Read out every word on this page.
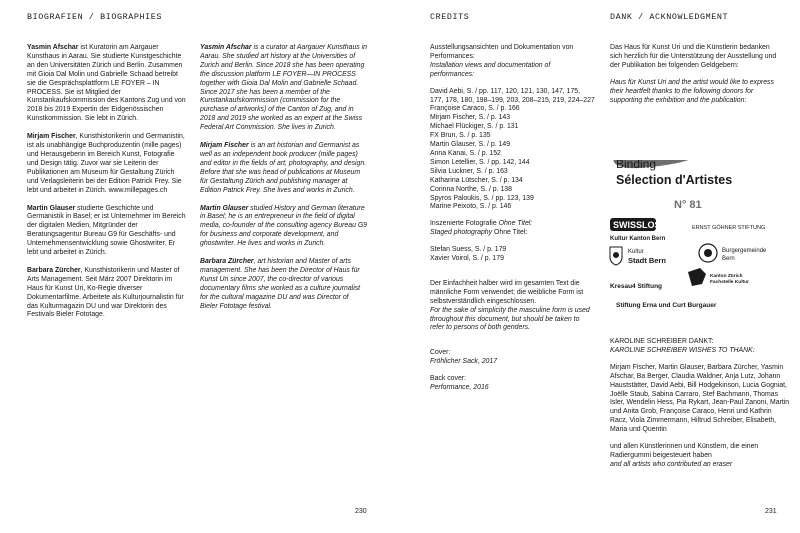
BIOGRAFIEN / BIOGRAPHIES

Yasmin Afschar ist Kuratorin am Aargauer Kunsthaus in Aarau. Sie studierte Kunstgeschichte an den Universitäten Zürich und Berlin. Zusammen mit Gioia Dal Molin und Gabrielle Schaad betreibt sie die Gesprächsplattform LE FOYER – IN PROCESS. Sie ist Mitglied der Kunstankaufskommission des Kantons Zug und von 2018 bis 2019 Expertin der Eidgenössischen Kunstkommission. Sie lebt in Zürich.

Mirjam Fischer, Kunsthistorikerin und Germanistin, ist als unabhängige Buchproduzentin (mille pages) und Herausgeberin im Bereich Kunst, Fotografie und Design tätig. Zuvor war sie Leiterin der Publikationen am Museum für Gestaltung Zürich und Verlagsleiterin bei der Edition Patrick Frey. Sie lebt und arbeitet in Zürich. www.millepages.ch

Martin Glauser studierte Geschichte und Germanistik in Basel; er ist Unternehmer im Bereich der digitalen Medien, Mitgründer der Beratungsagentur Bureau G9 für Geschäfts- und Unternehmensentwicklung sowie Ghostwriter. Er lebt und arbeitet in Zürich.

Barbara Zürcher, Kunsthistorikerin und Master of Arts Management. Seit März 2007 Direktorin im Haus für Kunst Uri, Ko-Regie diverser Dokumentarfilme. Arbeitete als Kulturjournalistin für das Kulturmagazin DU und war Direktorin des Festivals Bieler Fototage.

Yasmin Afschar is a curator at Aargauer Kunsthaus in Aarau. She studied art history at the Universities of Zurich and Berlin. Since 2018 she has been operating the discussion platform LE FOYER—IN PROCESS together with Gioia Dal Molin and Gabrielle Schaad. Since 2017 she has been a member of the Kunstankaufskommission (commission for the purchase of artworks) of the Canton of Zug, and in 2018 and 2019 she worked as an expert at the Swiss Federal Art Commission. She lives in Zurich.

Mirjam Fischer is an art historian and Germanist as well as an independent book producer (mille pages) and editor in the fields of art, photography, and design. Before that she was head of publications at Museum für Gestaltung Zürich and publishing manager at Edition Patrick Frey. She lives and works in Zurich.

Martin Glauser studied History and German literature in Basel; he is an entrepreneur in the field of digital media, co-founder of the consulting agency Bureau G9 for business and corporate development, and ghostwriter. He lives and works in Zurich.

Barbara Zürcher, art historian and Master of arts management. She has been the Director of Haus für Kunst Uri since 2007, the co-director of various documentary films she worked as a culture journalist for the cultural magazine DU and was Director of Bieler Fototage festival.

230
CREDITS
Ausstellungsansichten und Dokumentation von Performances:
Installation views and documentation of performances:
David Aebi, S. / pp. 117, 120, 121, 130, 147, 175,
177, 178, 180, 198–199, 203, 208–215, 219, 224–227
Françoise Caraco, S. / p. 166
Mirjam Fischer, S. / p. 143
Michael Flückiger, S. / p. 131
FX Brun, S. / p. 135
Martin Glauser, S. / p. 149
Anna Kanai, S. / p. 152
Simon Letellier, S. / pp. 142, 144
Silvia Luckner, S. / p. 163
Katharina Lütscher, S. / p. 134
Corinna Northe, S. / p. 138
Spyros Paloukis, S. / pp. 123, 139
Marine Peixoto, S. / p. 146
Inszenierte Fotografie Ohne Titel:
Staged photography Ohne Titel:
Stefan Suess, S. / p. 179
Xavier Voirol, S. / p. 179
Der Einfachheit halber wird im gesamten Text die männliche Form verwendet; die weibliche Form ist selbstverständlich eingeschlossen.
For the sake of simplicity the masculine form is used throughout this document, but should be taken to refer to persons of both genders.
Cover:
Fröhlicher Sack, 2017
Back cover:
Performance, 2016
DANK / ACKNOWLEDGMENT
Das Haus für Kunst Uri und die Künstlerin bedanken sich herzlich für die Unterstützung der Ausstellung und der Publikation bei folgenden Geldgebern:
Haus für Kunst Uri and the artist would like to express their heartfelt thanks to the following donors for supporting the exhibition and the publication:
Binding
Sélection d'Artistes
N° 81
SWISSLOS
Kultur Kanton Bern
ERNST GÖHNER STIFTUNG
Kultur
Stadt Bern
Burgergemeinde
Bern
Kanton Zürich
Fachstelle Kultur
Kresau4 Stiftung
Stiftung Erna und Curt Burgauer
KAROLINE SCHREIBER DANKT:
KAROLINE SCHREIBER WISHES TO THANK:
Mirjam Fischer, Martin Glauser, Barbara Zürcher, Yasmin Afschar, Ba Berger, Claudia Waldner, Anja Lutz, Johann Hauststätter, David Aebi, Bill Hodgekinson, Lucia Gogniat, Joëlle Staub, Sabina Carraro, Stef Bachmann, Thomas Isler, Wendelin Hess, Pia Rykart, Jean-Paul Zanoni, Martin und Anita Grob, Françoise Caraco, Henri und Kathrin Racz, Viola Zimmermann, Hiltrud Schreiber, Elisabeth, Maria und Quentin
und allen Künstlerinnen und Künstlern, die einen Radiergummi beigesteuert haben
and all artists who contributed an eraser
231
